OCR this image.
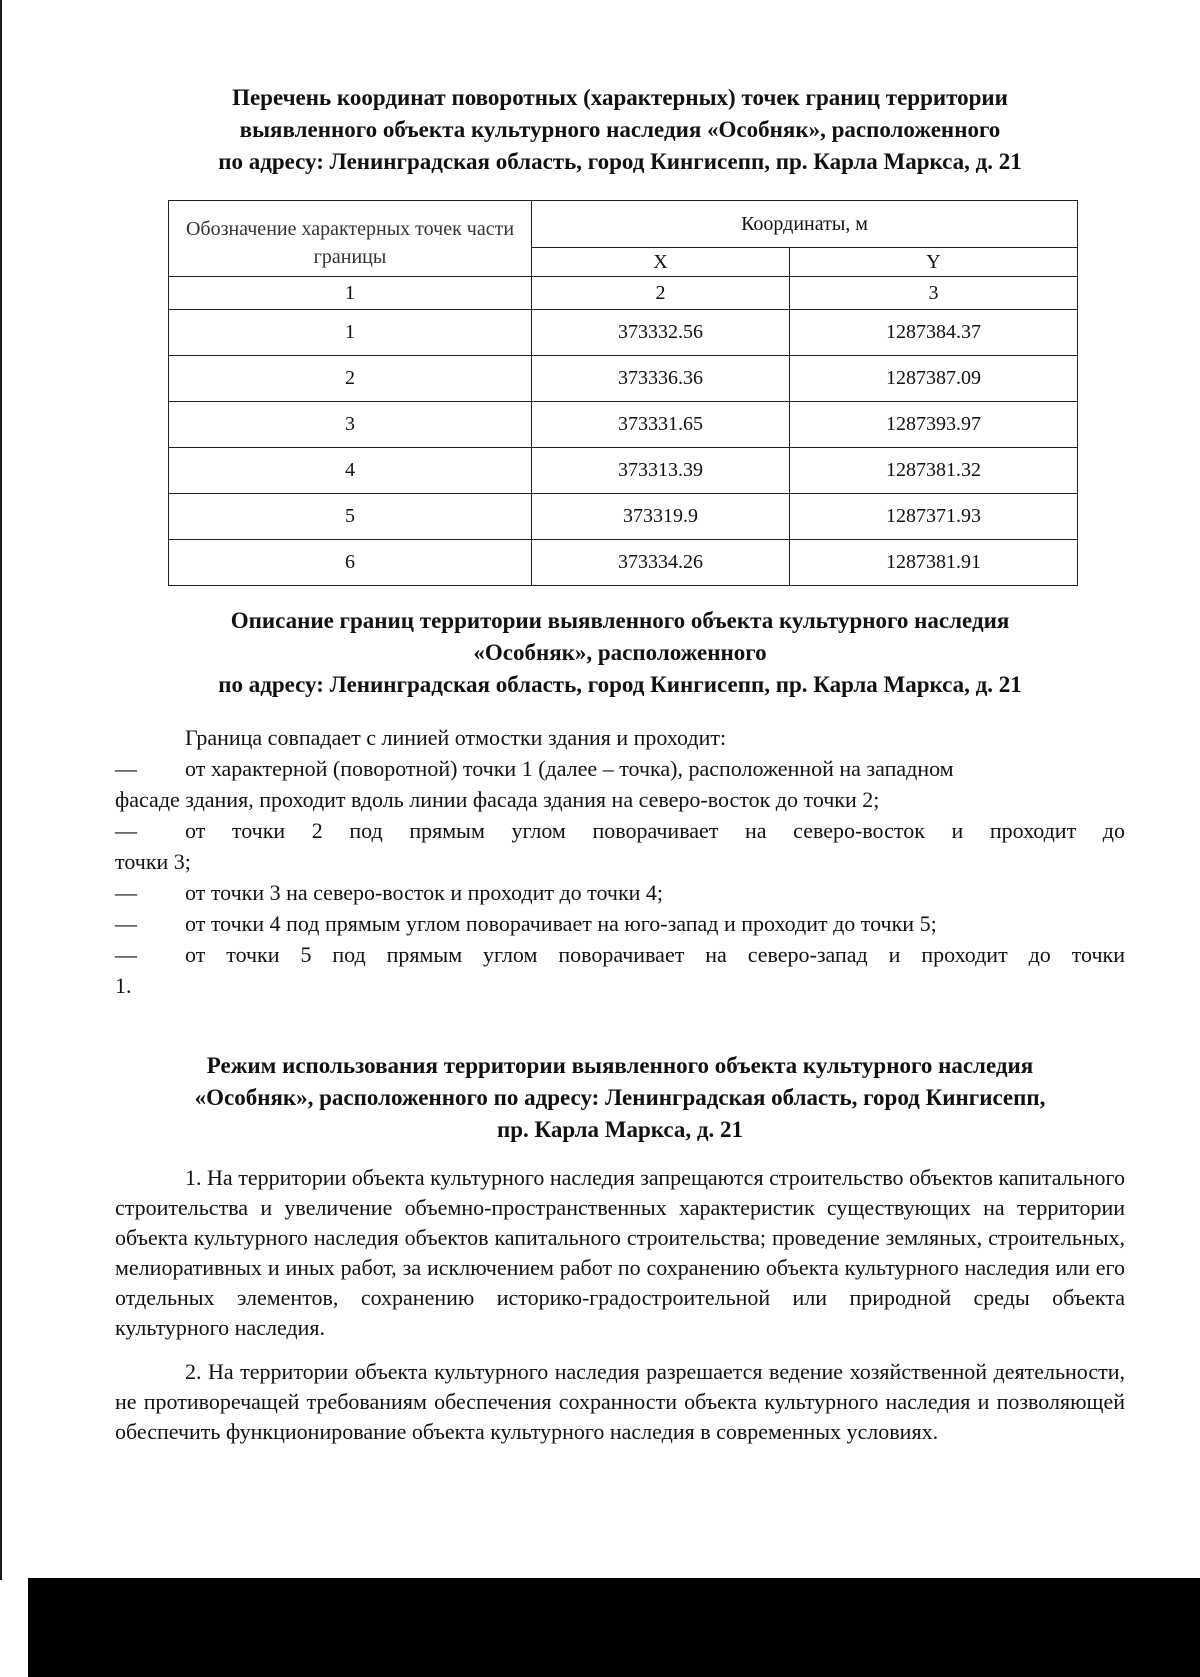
Перечень координат поворотных (характерных) точек границ территории
выявленного объекта культурного наследия «Особняк», расположенного
по адресу: Ленинградская область, город Кингисепп, пр. Карла Маркса, д. 21
Обозначение характерных точек части границы	Координаты, м	
	X	Y
1	2	3
1	373332.56	1287384.37
2	373336.36	1287387.09
3	373331.65	1287393.97
4	373313.39	1287381.32
5	373319.9	1287371.93
6	373334.26	1287381.91
Описание границ территории выявленного объекта культурного наследия
«Особняк», расположенного
по адресу: Ленинградская область, город Кингисепп, пр. Карла Маркса, д. 21

Граница совпадает с линией отмостки здания и проходит:

—	от характерной (поворотной) точки 1 (далее – точка), расположенной на западном

фасаде здания, проходит вдоль линии фасада здания на северо-восток до точки 2;

—	от точки 2 под прямым углом поворачивает на северо-восток и проходит до

точки 3;

—	от точки 3 на северо-восток и проходит до точки 4;
—	от точки 4 под прямым углом поворачивает на юго-запад и проходит до точки 5;
—	от точки 5 под прямым углом поворачивает на северо-запад и проходит до точки

1.

Режим использования территории выявленного объекта культурного наследия
«Особняк», расположенного по адресу: Ленинградская область, город Кингисепп,
пр. Карла Маркса, д. 21

1. На территории объекта культурного наследия запрещаются строительство объектов капитального строительства и увеличение объемно-пространственных характеристик существующих на территории объекта культурного наследия объектов капитального строительства; проведение земляных, строительных, мелиоративных и иных работ, за исключением работ по сохранению объекта культурного наследия или его отдельных элементов, сохранению историко-градостроительной или природной среды объекта культурного наследия.

2. На территории объекта культурного наследия разрешается ведение хозяйственной деятельности, не противоречащей требованиям обеспечения сохранности объекта культурного наследия и позволяющей обеспечить функционирование объекта культурного наследия в современных условиях.
